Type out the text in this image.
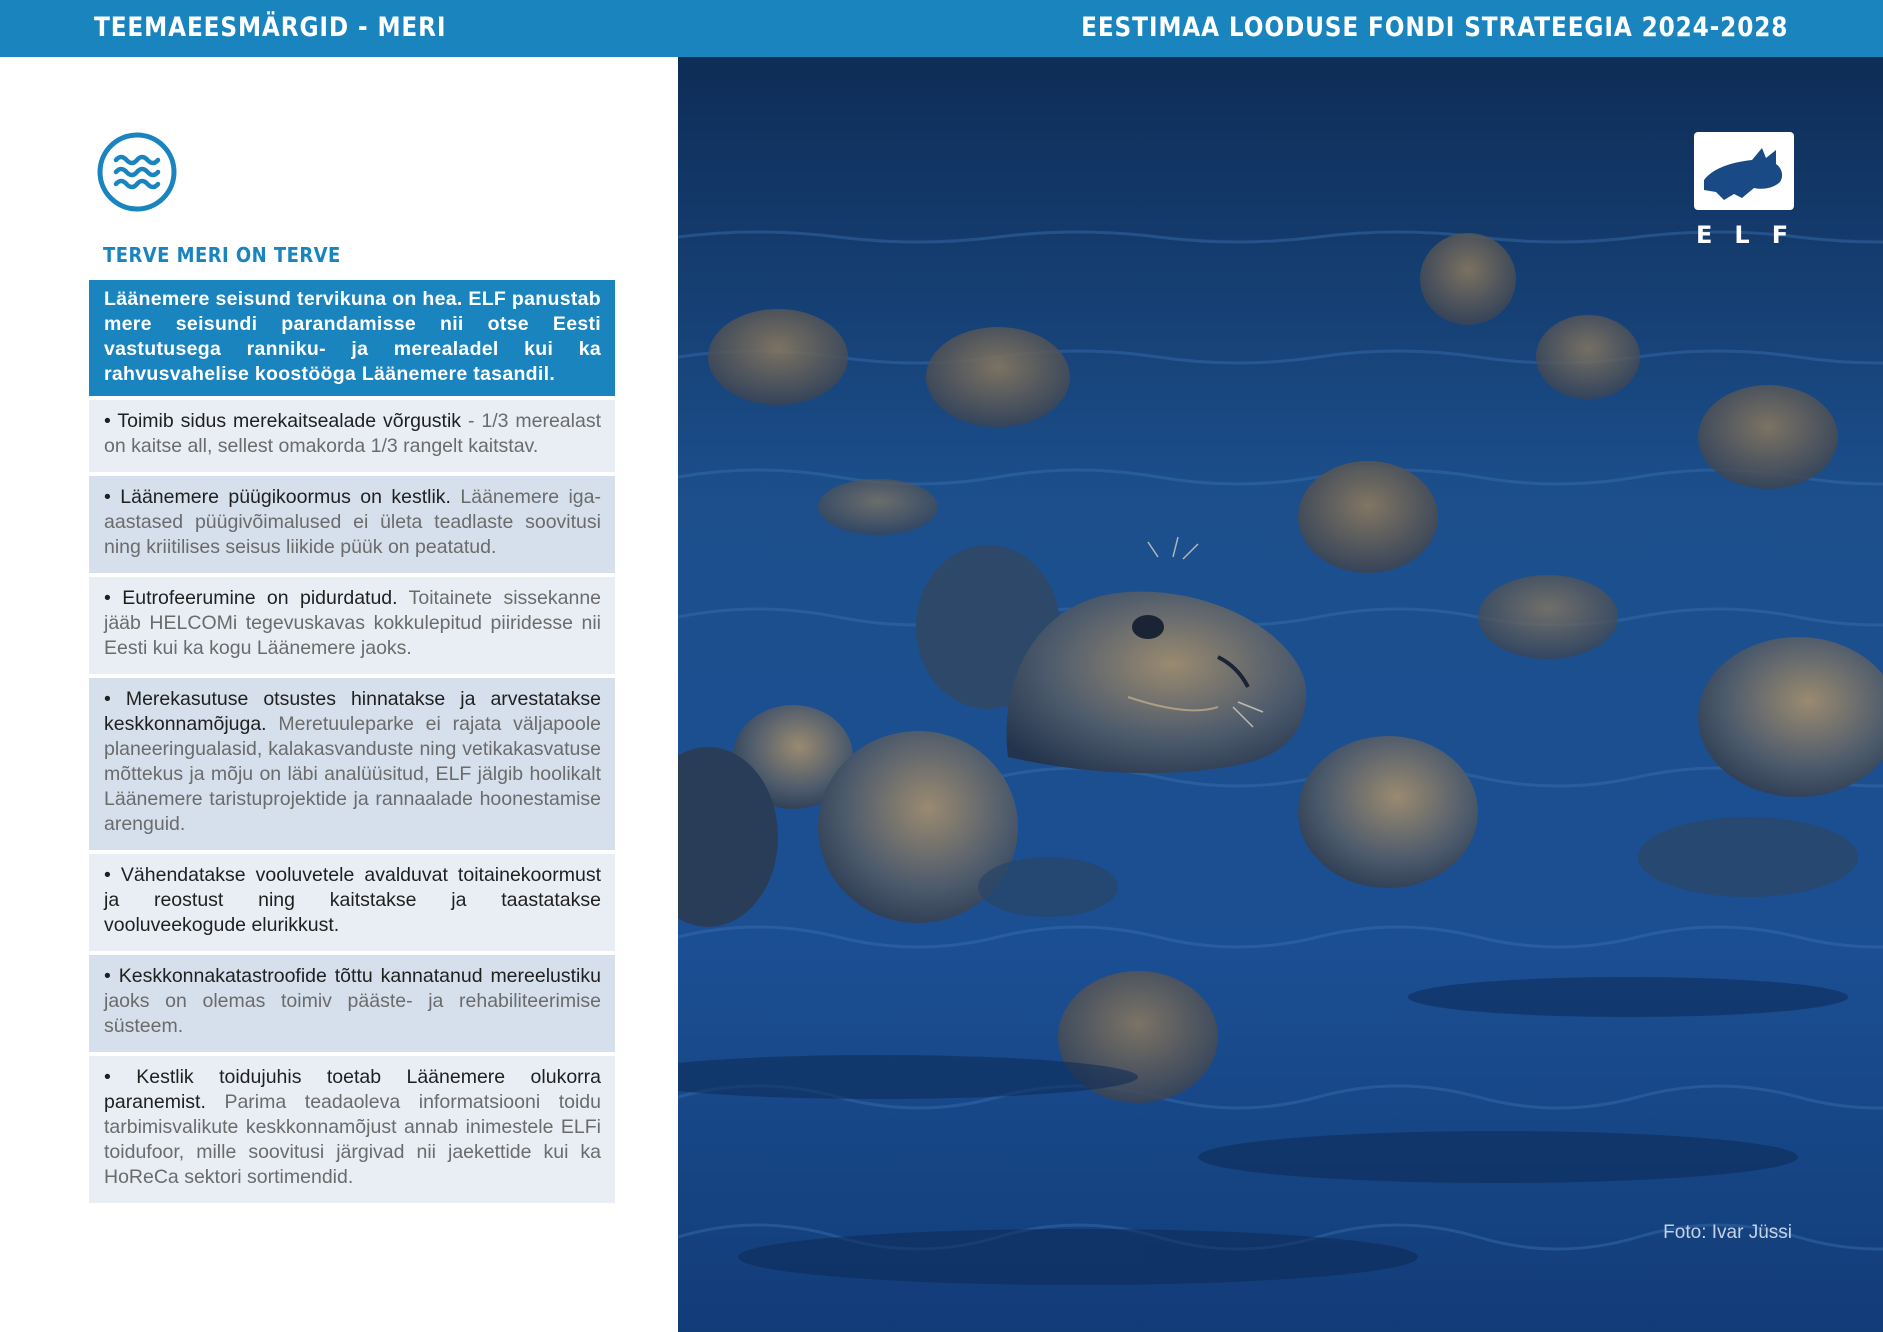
TEEMAEESMÄRGID - MERI	EESTIMAA LOODUSE FONDI STRATEEGIA 2024-2028
TERVE MERI ON TERVE
Läänemere seisund tervikuna on hea. ELF panustab mere seisundi parandamisse nii otse Eesti vastutusega ranniku- ja merealadel kui ka rahvusvahelise koostööga Läänemere tasandil.
• Toimib sidus merekaitsealade võrgustik - 1/3 merealast on kaitse all, sellest omakorda 1/3 rangelt kaitstav.
• Läänemere püügikoormus on kestlik. Läänemere iga-aastased püügivõimalused ei ületa teadlaste soovitusi ning kriitilises seisus liikide püük on peatatud.
• Eutrofeerumine on pidurdatud. Toitainete sissekanne jääb HELCOMi tegevuskavas kokkulepitud piiridesse nii Eesti kui ka kogu Läänemere jaoks.
• Merekasutuse otsustes hinnatakse ja arvestatakse keskkonnamõjuga. Meretuuleparke ei rajata väljapoole planeeringualasid, kalakasvanduste ning vetikakasvatuse mõttekus ja mõju on läbi analüüsitud, ELF jälgib hoolikalt Läänemere taristuprojektide ja rannaalade hoonestamise arenguid.
• Vähendatakse vooluvetele avalduvat toitainekoormust ja reostust ning kaitstakse ja taastatakse vooluveekogude elurikkust.
• Keskkonnakatastroofide tõttu kannatanud mereelustiku jaoks on olemas toimiv pääste- ja rehabiliteerimise süsteem.
• Kestlik toidujuhis toetab Läänemere olukorra paranemist. Parima teadaoleva informatsiooni toidu tarbimisvalikute keskkonnamõjust annab inimestele ELFi toidufoor, mille soovitusi järgivad nii jaekettide kui ka HoReCa sektori sortimendid.
ELF
Foto: Ivar Jüssi
